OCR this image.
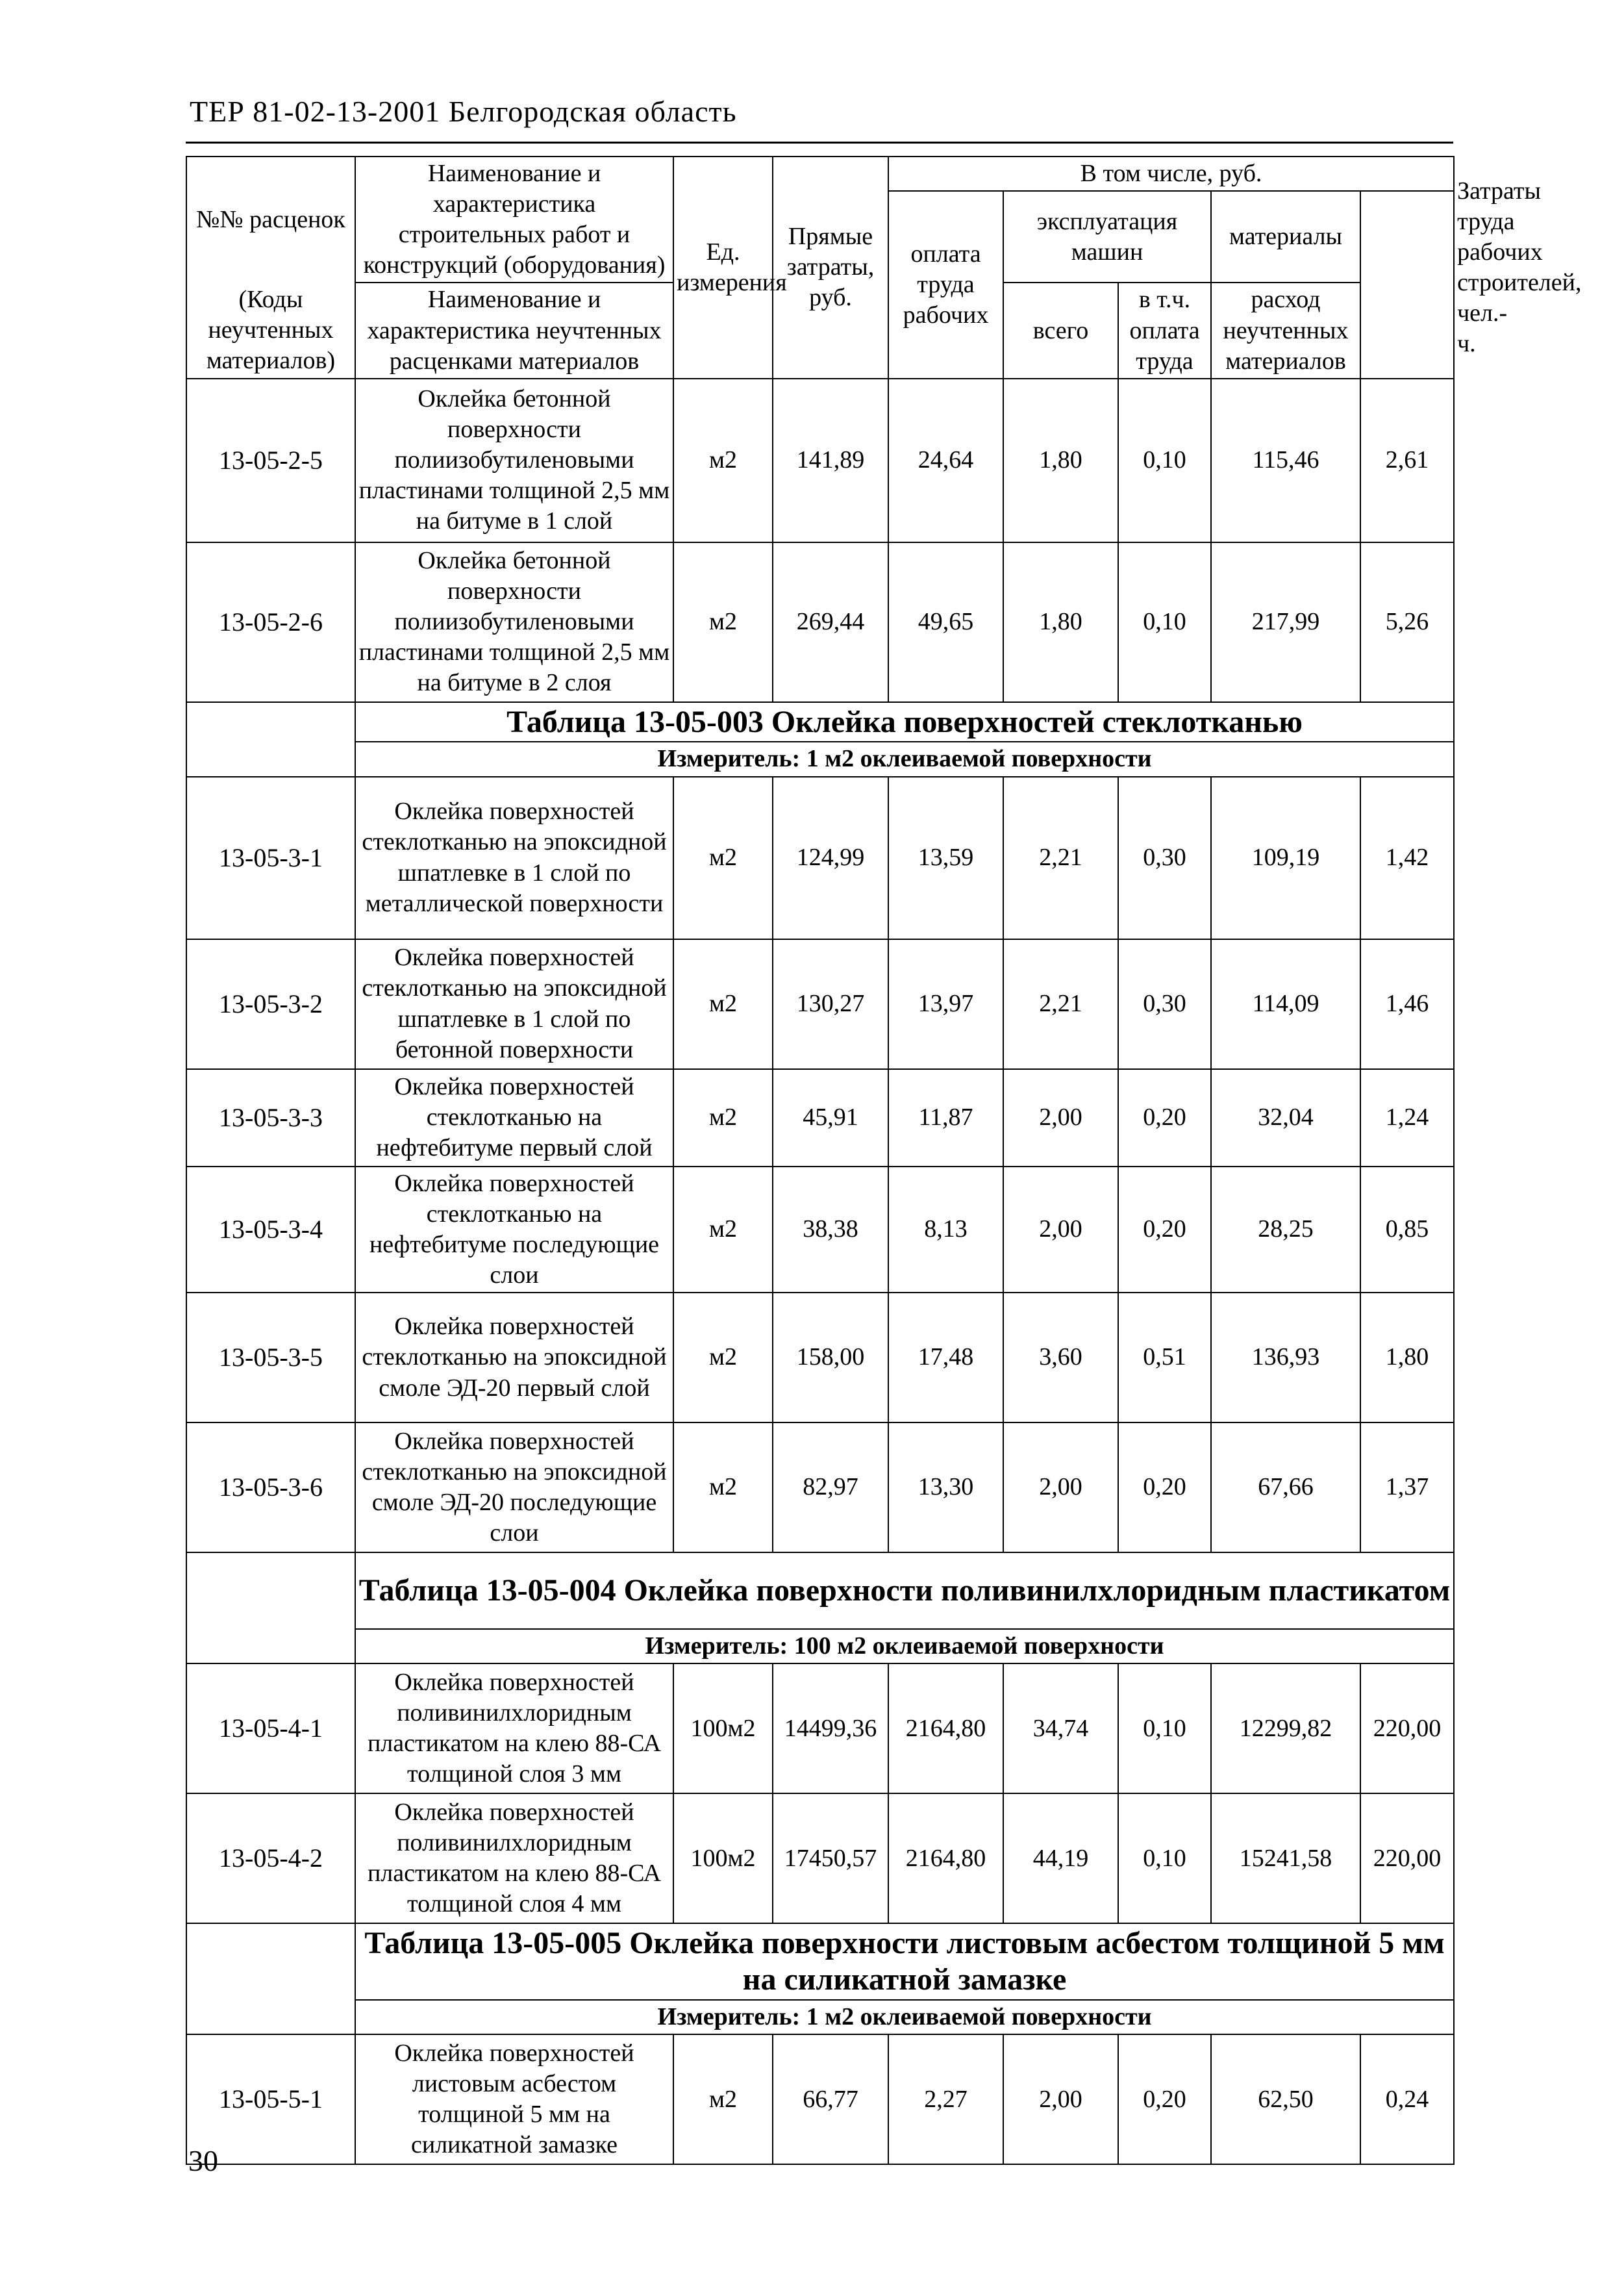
ТЕР 81-02-13-2001 Белгородская область
№№ расценок	Наименование и характеристика строительных работ и конструкций (оборудования)	Ед. измерения	Прямые затраты, руб.	В том числе, руб.					Затраты труда рабочих строителей, чел.-ч.
				оплата труда рабочих	эксплуатация машин		материалы		

(Коды неучтенных материалов)	Наименование и характеристика неучтенных расценками материалов				всего	в т.ч. оплата труда	расход неучтенных материалов		

13-05-2-5	Оклейка бетонной поверхности полиизобутиленовыми пластинами толщиной 2,5 мм на битуме в 1 слой	м2	141,89	24,64	1,80	0,10	115,46	2,61	
13-05-2-6	Оклейка бетонной поверхности полиизобутиленовыми пластинами толщиной 2,5 мм на битуме в 2 слоя	м2	269,44	49,65	1,80	0,10	217,99	5,26	
	Таблица 13-05-003 Оклейка поверхностей стеклотканью								
	Измеритель: 1 м2 оклеиваемой поверхности								
13-05-3-1	Оклейка поверхностей стеклотканью на эпоксидной шпатлевке в 1 слой по металлической поверхности	м2	124,99	13,59	2,21	0,30	109,19	1,42	
13-05-3-2	Оклейка поверхностей стеклотканью на эпоксидной шпатлевке в 1 слой по бетонной поверхности	м2	130,27	13,97	2,21	0,30	114,09	1,46	
13-05-3-3	Оклейка поверхностей стеклотканью на нефтебитуме первый слой	м2	45,91	11,87	2,00	0,20	32,04	1,24	
13-05-3-4	Оклейка поверхностей стеклотканью на нефтебитуме последующие слои	м2	38,38	8,13	2,00	0,20	28,25	0,85	
13-05-3-5	Оклейка поверхностей стеклотканью на эпоксидной смоле ЭД-20 первый слой	м2	158,00	17,48	3,60	0,51	136,93	1,80	
13-05-3-6	Оклейка поверхностей стеклотканью на эпоксидной смоле ЭД-20 последующие слои	м2	82,97	13,30	2,00	0,20	67,66	1,37	
	Таблица 13-05-004 Оклейка поверхности поливинилхлоридным пластикатом								
	Измеритель: 100 м2 оклеиваемой поверхности								
13-05-4-1	Оклейка поверхностей поливинилхлоридным пластикатом на клею 88-СА толщиной слоя 3 мм	100м2	14499,36	2164,80	34,74	0,10	12299,82	220,00	
13-05-4-2	Оклейка поверхностей поливинилхлоридным пластикатом на клею 88-СА толщиной слоя 4 мм	100м2	17450,57	2164,80	44,19	0,10	15241,58	220,00	
	Таблица 13-05-005 Оклейка поверхности листовым асбестом толщиной 5 мм на силикатной замазке								
	Измеритель: 1 м2 оклеиваемой поверхности								
13-05-5-1	Оклейка поверхностей листовым асбестом толщиной 5 мм на силикатной замазке	м2	66,77	2,27	2,00	0,20	62,50	0,24	
30
